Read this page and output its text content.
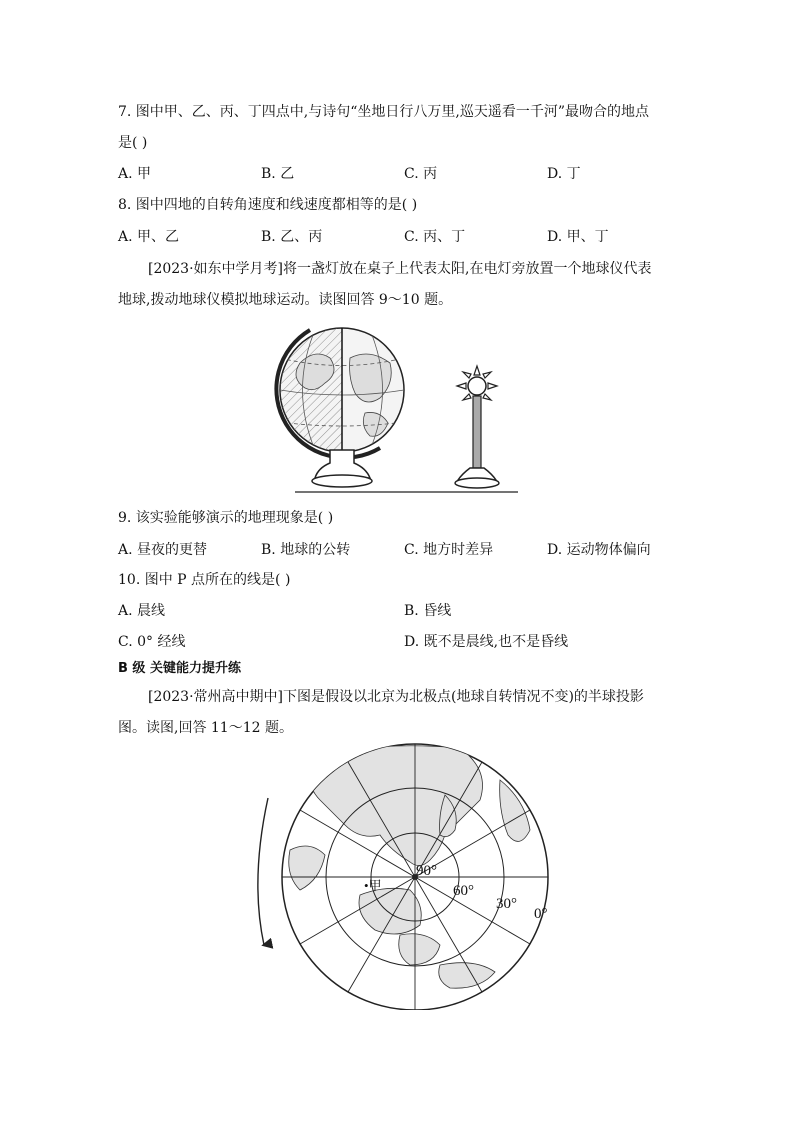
7. 图中甲、乙、丙、丁四点中,与诗句“坐地日行八万里,巡天遥看一千河”最吻合的地点
是( )
A. 甲	B. 乙	C. 丙	D. 丁
8. 图中四地的自转角速度和线速度都相等的是( )
A. 甲、乙	B. 乙、丙	C. 丙、丁	D. 甲、丁
[2023·如东中学月考]将一盏灯放在桌子上代表太阳,在电灯旁放置一个地球仪代表
地球,拨动地球仪模拟地球运动。读图回答 9～10 题。
9. 该实验能够演示的地理现象是( )
A. 昼夜的更替	B. 地球的公转	C. 地方时差异	D. 运动物体偏向
10. 图中 P 点所在的线是( )
A. 晨线	B. 昏线
C. 0° 经线	D. 既不是晨线,也不是昏线
B 级 关键能力提升练
[2023·常州高中期中]下图是假设以北京为北极点(地球自转情况不变)的半球投影
图。读图,回答 11～12 题。
90°
60°
30°
0°
•甲
